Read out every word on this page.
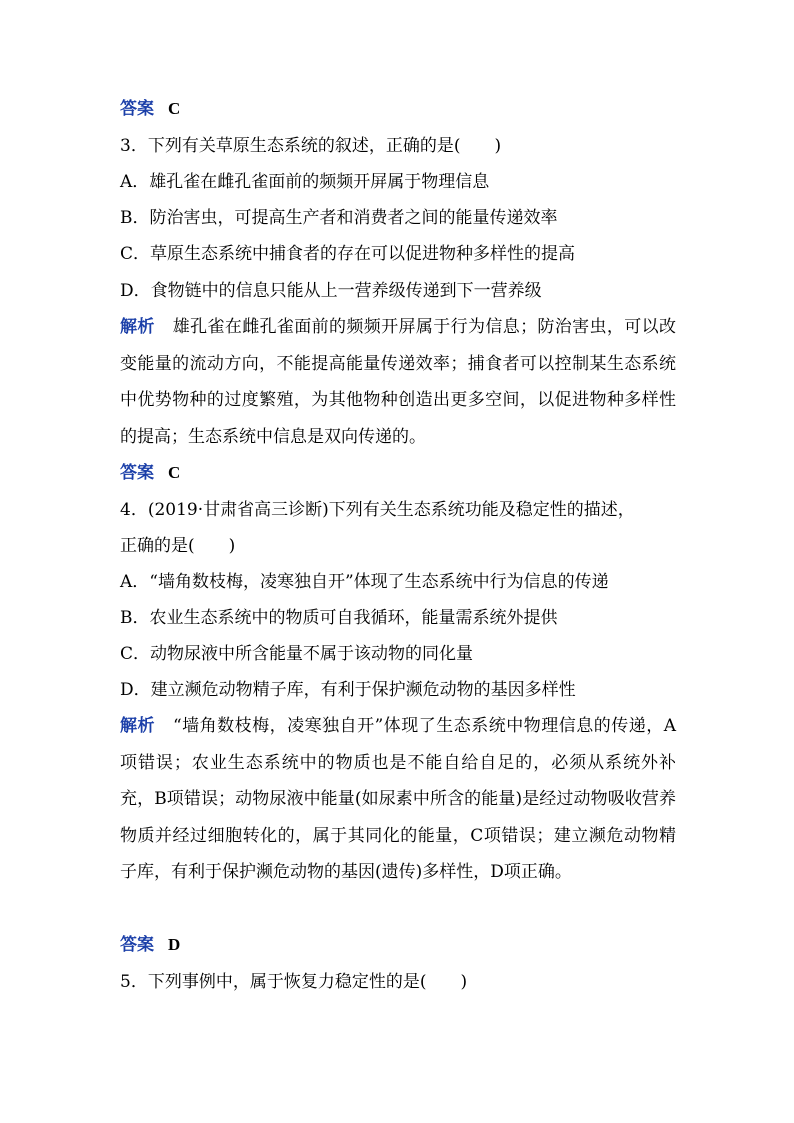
答案 C
3．下列有关草原生态系统的叙述，正确的是(　　)
A．雄孔雀在雌孔雀面前的频频开屏属于物理信息
B．防治害虫，可提高生产者和消费者之间的能量传递效率
C．草原生态系统中捕食者的存在可以促进物种多样性的提高
D．食物链中的信息只能从上一营养级传递到下一营养级
解析 雄孔雀在雌孔雀面前的频频开屏属于行为信息；防治害虫，可以改变能量的流动方向，不能提高能量传递效率；捕食者可以控制某生态系统中优势物种的过度繁殖，为其他物种创造出更多空间，以促进物种多样性的提高；生态系统中信息是双向传递的。
答案 C
4．(2019·甘肃省高三诊断)下列有关生态系统功能及稳定性的描述，
正确的是(　　)
A．“墙角数枝梅，凌寒独自开”体现了生态系统中行为信息的传递
B．农业生态系统中的物质可自我循环，能量需系统外提供
C．动物尿液中所含能量不属于该动物的同化量
D．建立濒危动物精子库，有利于保护濒危动物的基因多样性
解析 “墙角数枝梅，凌寒独自开”体现了生态系统中物理信息的传递，A项错误；农业生态系统中的物质也是不能自给自足的，必须从系统外补充，B项错误；动物尿液中能量(如尿素中所含的能量)是经过动物吸收营养物质并经过细胞转化的，属于其同化的能量，C项错误；建立濒危动物精子库，有利于保护濒危动物的基因(遗传)多样性，D项正确。
答案 D
5．下列事例中，属于恢复力稳定性的是(　　)
